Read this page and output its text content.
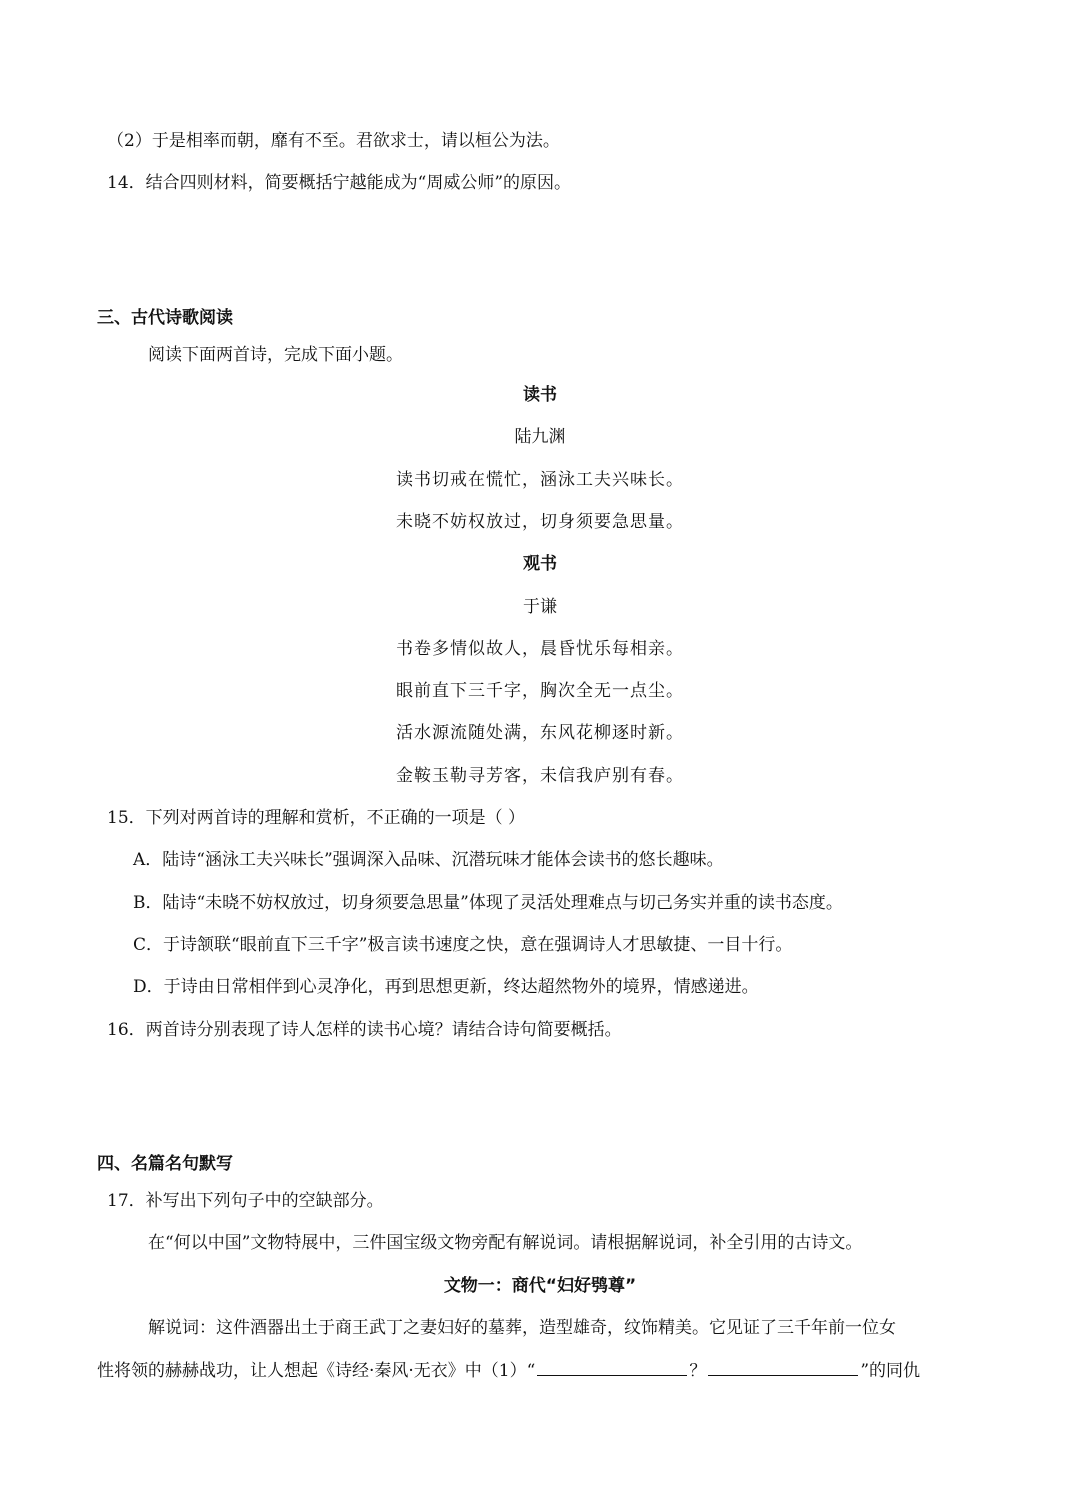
（2）于是相率而朝，靡有不至。君欲求士，请以桓公为法。

14．结合四则材料，简要概括宁越能成为“周威公师”的原因。

三、古代诗歌阅读

阅读下面两首诗，完成下面小题。

读书

陆九渊

读书切戒在慌忙，涵泳工夫兴味长。

未晓不妨权放过，切身须要急思量。

观书

于谦

书卷多情似故人，晨昏忧乐每相亲。

眼前直下三千字，胸次全无一点尘。

活水源流随处满，东风花柳逐时新。

金鞍玉勒寻芳客，未信我庐别有春。

15．下列对两首诗的理解和赏析，不正确的一项是（ ）

A．陆诗“涵泳工夫兴味长”强调深入品味、沉潜玩味才能体会读书的悠长趣味。

B．陆诗“未晓不妨权放过，切身须要急思量”体现了灵活处理难点与切己务实并重的读书态度。

C．于诗颔联“眼前直下三千字”极言读书速度之快，意在强调诗人才思敏捷、一目十行。

D．于诗由日常相伴到心灵净化，再到思想更新，终达超然物外的境界，情感递进。

16．两首诗分别表现了诗人怎样的读书心境？请结合诗句简要概括。

四、名篇名句默写

17．补写出下列句子中的空缺部分。

在“何以中国”文物特展中，三件国宝级文物旁配有解说词。请根据解说词，补全引用的古诗文。

文物一：商代“妇好鸮尊”

解说词：这件酒器出土于商王武丁之妻妇好的墓葬，造型雄奇，纹饰精美。它见证了三千年前一位女

性将领的赫赫战功，让人想起《诗经·秦风·无衣》中（1）“	？	”的同仇
